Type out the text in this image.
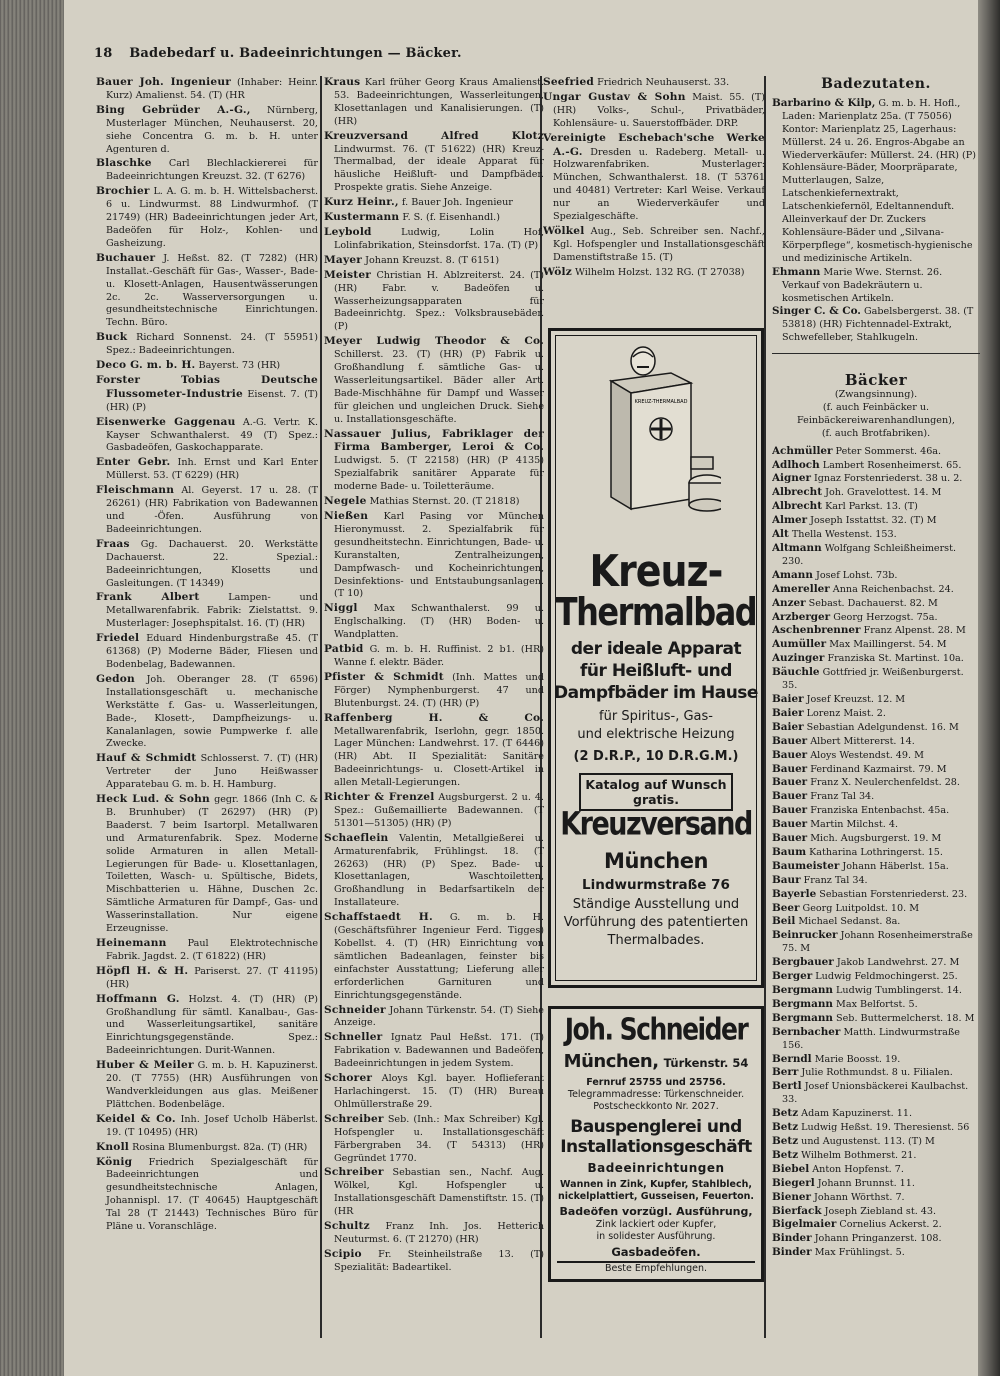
18 Badebedarf u. Badeeinrichtungen — Bäcker.
Bauer Joh. Ingenieur (Inhaber: Heinr. Kurz) Amalienst. 54. (T) (HR
Bing Gebrüder A.-G., Nürnberg, Musterlager München, Neuhauserst. 20, siehe Concentra G. m. b. H. unter Agenturen d.
Blaschke Carl Blechlackiererei für Badeeinrichtungen Kreuzst. 32. (T 6276)
Brochier L. A. G. m. b. H. Wittelsbacherst. 6 u. Lindwurmst. 88 Lindwurmhof. (T 21749) (HR) Badeeinrichtungen jeder Art, Badeöfen für Holz-, Kohlen- und Gasheizung.
Buchauer J. Heßst. 82. (T 7282) (HR) Installat.-Geschäft für Gas-, Wasser-, Bade- u. Klosett-Anlagen, Hausentwässerungen 2c. 2c. Wasserversorgungen u. gesundheitstechnische Einrichtungen. Techn. Büro.
Buck Richard Sonnenst. 24. (T 55951) Spez.: Badeeinrichtungen.
Deco G. m. b. H. Bayerst. 73 (HR)
Forster Tobias Deutsche Flussometer-Industrie Eisenst. 7. (T) (HR) (P)
Eisenwerke Gaggenau A.-G. Vertr. K. Kayser Schwanthalerst. 49 (T) Spez.: Gasbadeöfen, Gaskochapparate.
Enter Gebr. Inh. Ernst und Karl Enter Müllerst. 53. (T 6229) (HR)
Fleischmann Al. Geyerst. 17 u. 28. (T 26261) (HR) Fabrikation von Badewannen und -Öfen. Ausführung von Badeeinrichtungen.
Fraas Gg. Dachauerst. 20. Werkstätte Dachauerst. 22. Spezial.: Badeeinrichtungen, Klosetts und Gasleitungen. (T 14349)
Frank Albert	Lampen- und Metallwarenfabrik. Fabrik: Zielstattst. 9. Musterlager: Josephspitalst. 16. (T) (HR)
Friedel Eduard Hindenburgstraße 45. (T 61368) (P) Moderne Bäder, Fliesen und Bodenbelag, Badewannen.
Gedon Joh. Oberanger 28. (T 6596) Installationsgeschäft u. mechanische Werkstätte f. Gas- u. Wasserleitungen, Bade-, Klosett-, Dampfheizungs- u. Kanalanlagen, sowie Pumpwerke f. alle Zwecke.
Hauf & Schmidt Schlosserst. 7. (T) (HR) Vertreter der Juno Heißwasser Apparatebau G. m. b. H. Hamburg.
Heck Lud. & Sohn gegr. 1866 (Inh C. & B. Brunhuber) (T 26297) (HR) (P) Baaderst. 7 beim Isartorpl. Metallwaren und Armaturenfabrik. Spez. Moderne solide Armaturen in allen Metall-Legierungen für Bade- u. Klosettanlagen, Toiletten, Wasch- u. Spültische, Bidets, Mischbatterien u. Hähne, Duschen 2c. Sämtliche Armaturen für Dampf-, Gas- und Wasserinstallation. Nur eigene Erzeugnisse.
Heinemann Paul Elektrotechnische Fabrik. Jagdst. 2. (T 61822) (HR)
Höpfl H. & H. Pariserst. 27. (T 41195) (HR)
Hoffmann G. Holzst. 4. (T) (HR) (P) Großhandlung für sämtl. Kanalbau-, Gas- und Wasserleitungsartikel, sanitäre Einrichtungsgegenstände. Spez.: Badeeinrichtungen. Durit-Wannen.
Huber & Meiler G. m. b. H. Kapuzinerst. 20. (T 7755) (HR) Ausführungen von Wandverkleidungen aus glas. Meißener Plättchen. Bodenbeläge.
Keidel & Co. Inh. Josef Ucholb Häberlst. 19. (T 10495) (HR)
Knoll Rosina Blumenburgst. 82a. (T) (HR)
König Friedrich Spezialgeschäft für Badeeinrichtungen und gesundheitstechnische Anlagen, Johannispl. 17. (T 40645) Hauptgeschäft Tal 28 (T 21443) Technisches Büro für Pläne u. Voranschläge.
Kraus Karl früher Georg Kraus Amalienst. 53. Badeeinrichtungen, Wasserleitungen, Klosettanlagen und Kanalisierungen. (T) (HR)
Kreuzversand Alfred Klotz Lindwurmst. 76. (T 51622) (HR) Kreuz-Thermalbad, der ideale Apparat für häusliche Heißluft- und Dampfbäder. Prospekte gratis. Siehe Anzeige.
Kurz Heinr., f. Bauer Joh. Ingenieur
Kustermann F. S. (f. Eisenhandl.)
Leybold	Ludwig, Lolin Hof, Lolinfabrikation, Steinsdorfst. 17a. (T) (P)
Mayer Johann Kreuzst. 8. (T 6151)
Meister Christian H. Ablzreiterst. 24. (T) (HR) Fabr. v. Badeöfen u. Wasserheizungsapparaten für Badeeinrichtg. Spez.: Volksbrausebäder. (P)
Meyer Ludwig Theodor & Co. Schillerst. 23. (T) (HR) (P) Fabrik u. Großhandlung f. sämtliche Gas- u. Wasserleitungsartikel. Bäder aller Art. Bade-Mischhähne für Dampf und Wasser für gleichen und ungleichen Druck. Siehe u. Installationsgeschäfte.
Nassauer Julius, Fabriklager der Firma Bamberger, Leroi & Co. Ludwigst. 5. (T 22158) (HR) (P 4135) Spezialfabrik sanitärer Apparate für moderne Bade- u. Toiletteräume.
Negele Mathias Sternst. 20. (T 21818)
Nießen Karl Pasing vor München Hieronymusst. 2. Spezialfabrik für gesundheitstechn. Einrichtungen, Bade- u. Kuranstalten, Zentralheizungen, Dampfwasch- und Kocheinrichtungen, Desinfektions- und Entstaubungsanlagen. (T 10)
Niggl Max Schwanthalerst. 99 u. Englschalking. (T) (HR) Boden- u. Wandplatten.
Patbid G. m. b. H. Ruffinist. 2 b1. (HR) Wanne f. elektr. Bäder.
Pfister & Schmidt (Inh. Mattes und Förger) Nymphenburgerst. 47 und Blutenburgst. 24. (T) (HR) (P)
Raffenberg H. & Co. Metallwarenfabrik, Iserlohn, gegr. 1850. Lager München: Landwehrst. 17. (T 6446) (HR) Abt. II Spezialität: Sanitäre Badeeinrichtungs- u. Closett-Artikel in allen Metall-Legierungen.
Richter & Frenzel Augsburgerst. 2 u. 4. Spez.: Gußemaillierte Badewannen. (T 51301—51305) (HR) (P)
Schaeflein Valentin, Metallgießerei u. Armaturenfabrik, Frühlingst. 18. (T 26263) (HR) (P) Spez. Bade- u. Klosettanlagen, Waschtoiletten, Großhandlung in Bedarfsartikeln der Installateure.
Schaffstaedt H. G. m. b. H. (Geschäftsführer Ingenieur Ferd. Tigges) Kobellst. 4. (T) (HR) Einrichtung von sämtlichen Badeanlagen, feinster bis einfachster Ausstattung; Lieferung aller erforderlichen Garnituren und Einrichtungsgegenstände.
Schneider Johann Türkenstr. 54. (T) Siehe Anzeige.
Schneller Ignatz Paul Heßst. 171. (T) Fabrikation v. Badewannen und Badeöfen, Badeeinrichtungen in jedem System.
Schorer Aloys Kgl. bayer. Hoflieferant Harlachingerst. 15. (T) (HR) Bureau Ohlmüllerstraße 29.
Schreiber Seb. (Inh.: Max Schreiber) Kgl. Hofspengler u. Installationsgeschäft Färbergraben 34. (T 54313) (HR) Gegründet 1770.
Schreiber Sebastian sen., Nachf. Aug. Wölkel, Kgl. Hofspengler u. Installationsgeschäft Damenstiftstr. 15. (T) (HR
Schultz Franz Inh. Jos. Hetterich Neuturmst. 6. (T 21270) (HR)
Scipio Fr. Steinheilstraße 13. (T) Spezialität: Badeartikel.
Seefried Friedrich Neuhauserst. 33.
Ungar Gustav & Sohn Maist. 55. (T) (HR) Volks-, Schul-, Privatbäder, Kohlensäure- u. Sauerstoffbäder. DRP.
Vereinigte Eschebach'sche Werke A.-G. Dresden u. Radeberg. Metall- u. Holzwarenfabriken. Musterlager: München, Schwanthalerst. 18. (T 53761 und 40481) Vertreter: Karl Weise. Verkauf nur an Wiederverkäufer und Spezialgeschäfte.
Wölkel Aug., Seb. Schreiber sen. Nachf., Kgl. Hofspengler und Installationsgeschäft Damenstiftstraße 15. (T)
Wölz Wilhelm Holzst. 132 RG. (T 27038)
Badezutaten.
Barbarino & Kilp, G. m. b. H. Hofl., Laden: Marienplatz 25a. (T 75056) Kontor: Marienplatz 25, Lagerhaus: Müllerst. 24 u. 26. Engros-Abgabe an Wiederverkäufer: Müllerst. 24. (HR) (P) Kohlensäure-Bäder, Moorpräparate, Mutterlaugen, Salze, Latschenkiefernextrakt, Latschenkiefernöl, Edeltannenduft. Alleinverkauf der Dr. Zuckers Kohlensäure-Bäder und „Silvana-Körperpflege“, kosmetisch-hygienische und medizinische Artikeln.
Ehmann Marie Wwe. Sternst. 26. Verkauf von Badekräutern u. kosmetischen Artikeln.
Singer C. & Co. Gabelsbergerst. 38. (T 53818) (HR) Fichtennadel-Extrakt, Schwefelleber, Stahlkugeln.
Bäcker
(Zwangsinnung).
(f. auch Feinbäcker u. Feinbäckereiwarenhandlungen),
(f. auch Brotfabriken).
Achmüller Peter Sommerst. 46a.
Adlhoch Lambert Rosenheimerst. 65.
Aigner Ignaz Forstenriederst. 38 u. 2.
Albrecht Joh. Gravelottest. 14. M
Albrecht Karl Parkst. 13. (T)
Almer Joseph Isstattst. 32. (T) M
Alt Thella Westenst. 153.
Altmann Wolfgang Schleißheimerst. 230.
Amann Josef Lohst. 73b.
Amereller Anna Reichenbachst. 24.
Anzer Sebast. Dachauerst. 82. M
Arzberger Georg Herzogst. 75a.
Aschenbrenner Franz Alpenst. 28. M
Aumüller Max Maillingerst. 54. M
Auzinger Franziska St. Martinst. 10a.
Bäuchle Gottfried jr. Weißenburgerst. 35.
Baier Josef Kreuzst. 12. M
Baier Lorenz Maist. 2.
Baier Sebastian Adelgundenst. 16. M
Bauer Albert Mittererst. 14.
Bauer Aloys Westendst. 49. M
Bauer Ferdinand Kazmairst. 79. M
Bauer Franz X. Neulerchenfeldst. 28.
Bauer Franz Tal 34.
Bauer Franziska Entenbachst. 45a.
Bauer Martin Milchst. 4.
Bauer Mich. Augsburgerst. 19. M
Baum Katharina Lothringerst. 15.
Baumeister Johann Häberlst. 15a.
Baur Franz Tal 34.
Bayerle Sebastian Forstenriederst. 23.
Beer Georg Luitpoldst. 10. M
Beil Michael Sedanst. 8a.
Beinrucker Johann Rosenheimerstraße 75. M
Bergbauer Jakob Landwehrst. 27. M
Berger Ludwig Feldmochingerst. 25.
Bergmann Ludwig Tumblingerst. 14.
Bergmann Max Belfortst. 5.
Bergmann Seb. Buttermelcherst. 18. M
Bernbacher Matth. Lindwurmstraße 156.
Berndl Marie Boosst. 19.
Berr Julie Rothmundst. 8 u. Filialen.
Bertl Josef Unionsbäckerei Kaulbachst. 33.
Betz Adam Kapuzinerst. 11.
Betz Ludwig Heßst. 19. Theresienst. 56
Betz und Augustenst. 113. (T) M
Betz Wilhelm Bothmerst. 21.
Biebel Anton Hopfenst. 7.
Biegerl Johann Brunnst. 11.
Biener Johann Wörthst. 7.
Bierfack Joseph Ziebland st. 43.
Bigelmaier Cornelius Ackerst. 2.
Binder Johann Pringanzerst. 108.
Binder Max Frühlingst. 5.
KREUZ-THERMALBAD
Kreuz-
Thermalbad
der ideale Apparat
für Heißluft- und
Dampfbäder im Hause
für Spiritus-, Gas-
und elektrische Heizung
(2 D.R.P., 10 D.R.G.M.)
Katalog auf Wunsch gratis.
Kreuzversand
München
Lindwurmstraße 76
Ständige Ausstellung und
Vorführung des patentierten
Thermalbades.
Joh. Schneider
München, Türkenstr. 54
Fernruf 25755 und 25756.
Telegrammadresse: Türkenschneider.
Postscheckkonto Nr. 2027.
Bauspenglerei und
Installationsgeschäft
Badeeinrichtungen
Wannen in Zink, Kupfer, Stahlblech,
nickelplattiert, Gusseisen, Feuerton.
Badeöfen vorzügl. Ausführung,
Zink lackiert oder Kupfer,
in solidester Ausführung.
Gasbadeöfen.
Beste Empfehlungen.
